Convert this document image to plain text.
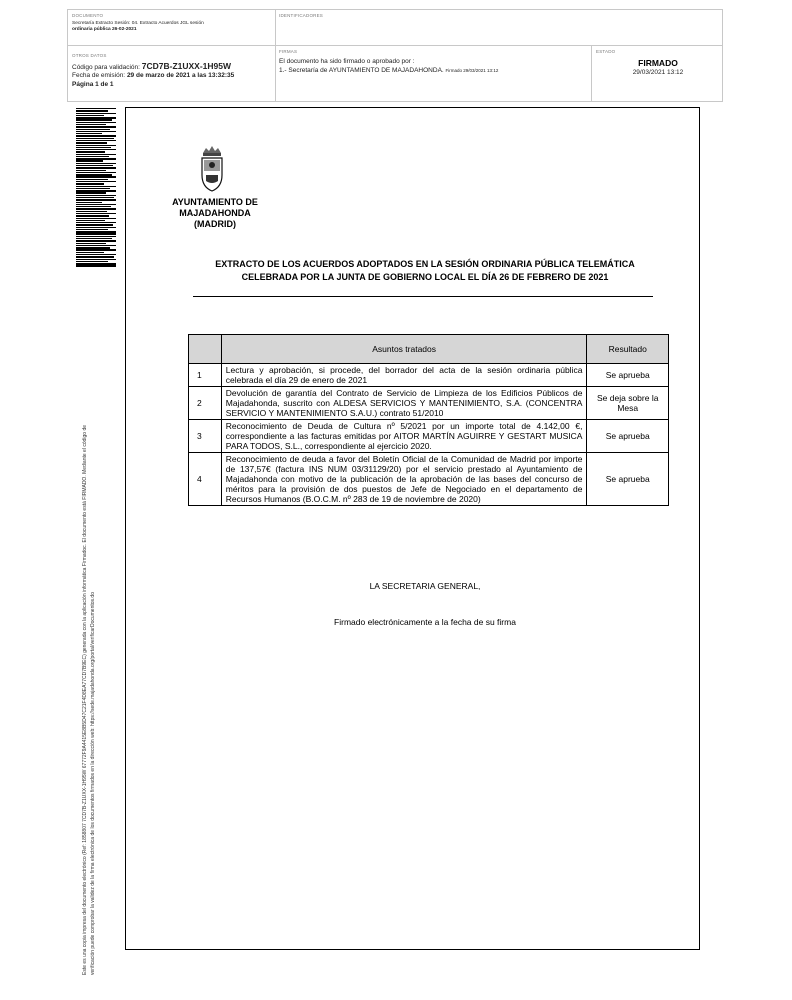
DOCUMENTO
Secretaría Extracto Sesión: 04. Extracto Acuerdos JGL sesión
ordinaria pública 26-02-2021
IDENTIFICADORES
OTROS DATOS
Código para validación: 7CD7B-Z1UXX-1H95W
Fecha de emisión: 29 de marzo de 2021 a las 13:32:35
Página 1 de 1
FIRMAS
El documento ha sido firmado o aprobado por :
1.- Secretaría de AYUNTAMIENTO DE MAJADAHONDA. Firmado 29/03/2021 13:12
ESTADO
FIRMADO
29/03/2021 13:12
Este es una copia impresa del documento electrónico (Ref: 1858807 7CD7B-Z1UXX-1H95W 67772F9A4415E8B5D47C21F4D8EA77CD7B9EC) generada con la aplicación informática Firmadoc. El documento está FIRMADO. Mediante el código de verificación puede comprobar la validez de la firma electrónica de los documentos firmados en la dirección web: https://sede.majadahonda.org/portal/verificarDocumentos.do
AYUNTAMIENTO DE
MAJADAHONDA
(MADRID)
EXTRACTO DE LOS ACUERDOS ADOPTADOS EN LA SESIÓN ORDINARIA PÚBLICA TELEMÁTICA
CELEBRADA POR LA JUNTA DE GOBIERNO LOCAL EL DÍA 26 DE FEBRERO DE 2021
	Asuntos tratados	Resultado
1	Lectura y aprobación, si procede, del borrador del acta de la sesión ordinaria pública celebrada el día 29 de enero de 2021	Se aprueba
2	Devolución de garantía del Contrato de Servicio de Limpieza de los Edificios Públicos de Majadahonda, suscrito con ALDESA SERVICIOS Y MANTENIMIENTO, S.A. (CONCENTRA SERVICIO Y MANTENIMIENTO S.A.U.) contrato 51/2010	Se deja sobre la Mesa
3	Reconocimiento de Deuda de Cultura nº 5/2021 por un importe total de 4.142,00 €, correspondiente a las facturas emitidas por AITOR MARTÍN AGUIRRE Y GESTART MUSICA PARA TODOS, S.L., correspondiente al ejercicio 2020.	Se aprueba
4	Reconocimiento de deuda a favor del Boletín Oficial de la Comunidad de Madrid por importe de 137,57€ (factura INS NUM 03/31129/20) por el servicio prestado al Ayuntamiento de Majadahonda con motivo de la publicación de la aprobación de las bases del concurso de méritos para la provisión de dos puestos de Jefe de Negociado en el departamento de Recursos Humanos (B.O.C.M. nº 283 de 19 de noviembre de 2020)	Se aprueba
LA SECRETARIA GENERAL,
Firmado electrónicamente a la fecha de su firma
